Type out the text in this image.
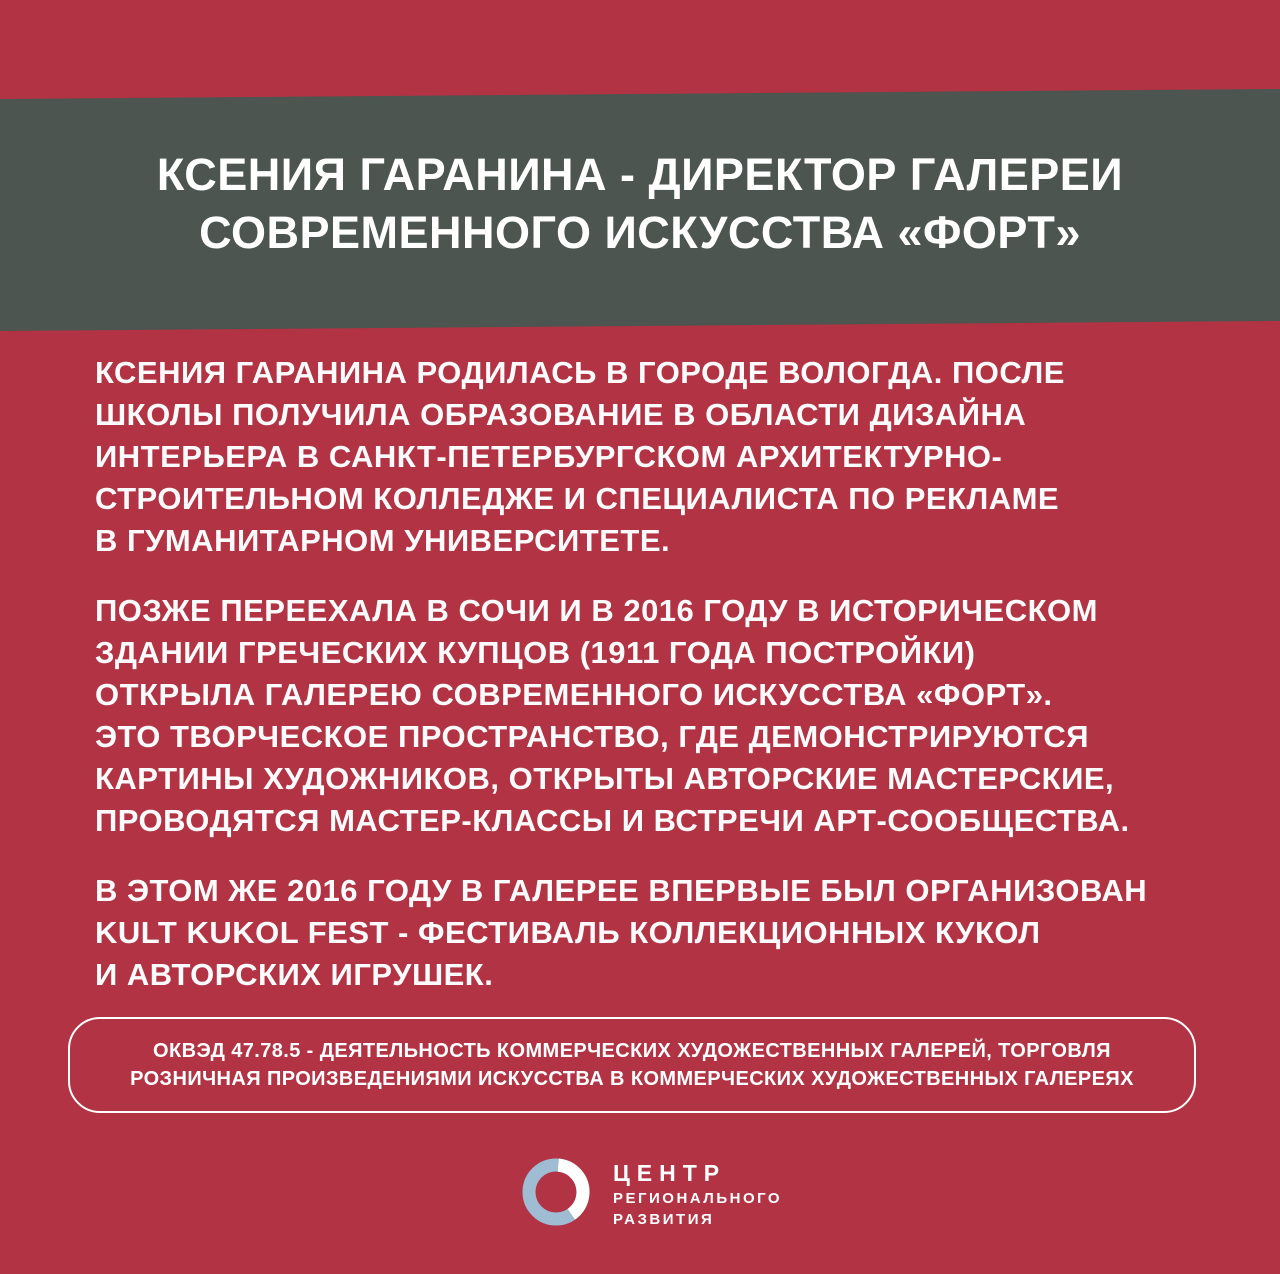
КСЕНИЯ ГАРАНИНА - ДИРЕКТОР ГАЛЕРЕИ
СОВРЕМЕННОГО ИСКУССТВА «ФОРТ»
КСЕНИЯ ГАРАНИНА РОДИЛАСЬ В ГОРОДЕ ВОЛОГДА. ПОСЛЕ
ШКОЛЫ ПОЛУЧИЛА ОБРАЗОВАНИЕ В ОБЛАСТИ ДИЗАЙНА
ИНТЕРЬЕРА В САНКТ-ПЕТЕРБУРГСКОМ АРХИТЕКТУРНО-
СТРОИТЕЛЬНОМ КОЛЛЕДЖЕ И СПЕЦИАЛИСТА ПО РЕКЛАМЕ
В ГУМАНИТАРНОМ УНИВЕРСИТЕТЕ.
ПОЗЖЕ ПЕРЕЕХАЛА В СОЧИ И В 2016 ГОДУ В ИСТОРИЧЕСКОМ
ЗДАНИИ ГРЕЧЕСКИХ КУПЦОВ (1911 ГОДА ПОСТРОЙКИ)
ОТКРЫЛА ГАЛЕРЕЮ СОВРЕМЕННОГО ИСКУССТВА «ФОРТ».
ЭТО ТВОРЧЕСКОЕ ПРОСТРАНСТВО, ГДЕ ДЕМОНСТРИРУЮТСЯ
КАРТИНЫ ХУДОЖНИКОВ, ОТКРЫТЫ АВТОРСКИЕ МАСТЕРСКИЕ,
ПРОВОДЯТСЯ МАСТЕР-КЛАССЫ И ВСТРЕЧИ АРТ-СООБЩЕСТВА.
В ЭТОМ ЖЕ 2016 ГОДУ В ГАЛЕРЕЕ ВПЕРВЫЕ БЫЛ ОРГАНИЗОВАН
KULT KUKOL FEST - ФЕСТИВАЛЬ КОЛЛЕКЦИОННЫХ КУКОЛ
И АВТОРСКИХ ИГРУШЕК.
ОКВЭД 47.78.5 - ДЕЯТЕЛЬНОСТЬ КОММЕРЧЕСКИХ ХУДОЖЕСТВЕННЫХ ГАЛЕРЕЙ, ТОРГОВЛЯ
РОЗНИЧНАЯ ПРОИЗВЕДЕНИЯМИ ИСКУССТВА В КОММЕРЧЕСКИХ ХУДОЖЕСТВЕННЫХ ГАЛЕРЕЯХ
ЦЕНТР
РЕГИОНАЛЬНОГО
РАЗВИТИЯ
